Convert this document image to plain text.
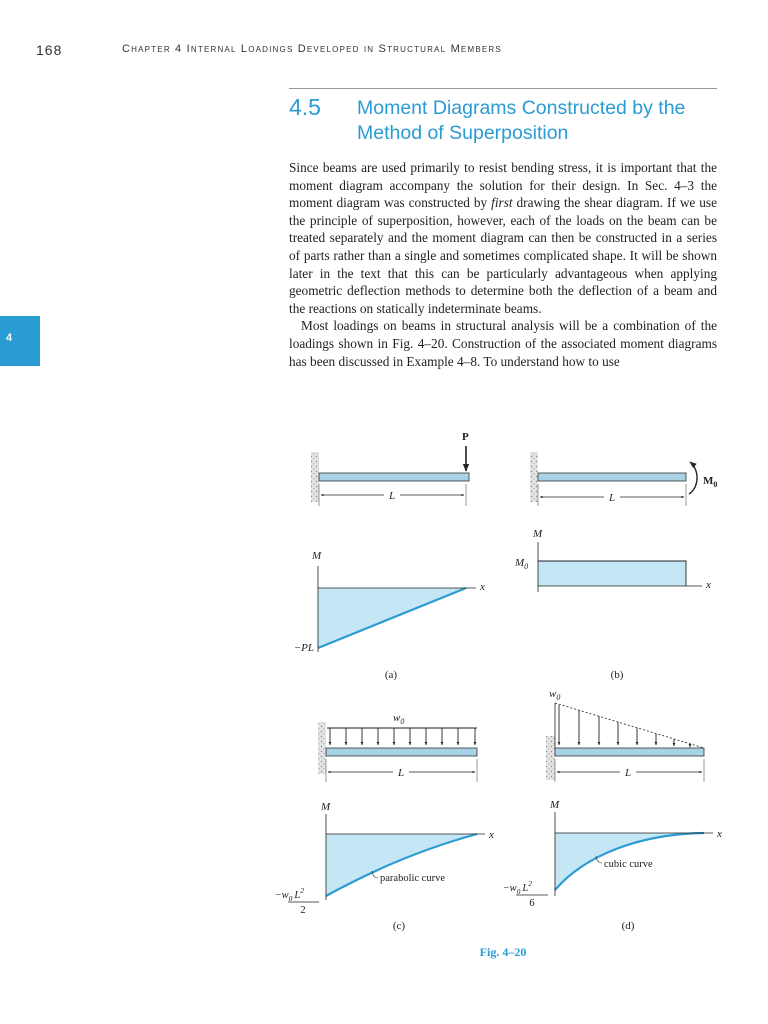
168	Chapter 4 Internal Loadings Developed in Structural Members
4.5 Moment Diagrams Constructed by the Method of Superposition

Since beams are used primarily to resist bending stress, it is important that the moment diagram accompany the solution for their design. In Sec. 4–3 the moment diagram was constructed by first drawing the shear diagram. If we use the principle of superposition, however, each of the loads on the beam can be treated separately and the moment diagram can then be constructed in a series of parts rather than a single and sometimes complicated shape. It will be shown later in the text that this can be particularly advantageous when applying geometric deflection methods to determine both the deflection of a beam and the reactions on statically indeterminate beams.

Most loadings on beams in structural analysis will be a combination of the loadings shown in Fig. 4–20. Construction of the associated moment diagrams has been discussed in Example 4–8. To understand how to use

4
P
L
M
x
−PL
(a)
$M_0$
L
M
x
$M_0$
(b)
$w_0$
L
M
x
parabolic curve
$-w_0$ $L^2$
2
(c)
$w_0$
L
M
x
cubic curve
$-w_0$ $L^2$
6
(d)
Fig. 4–20
